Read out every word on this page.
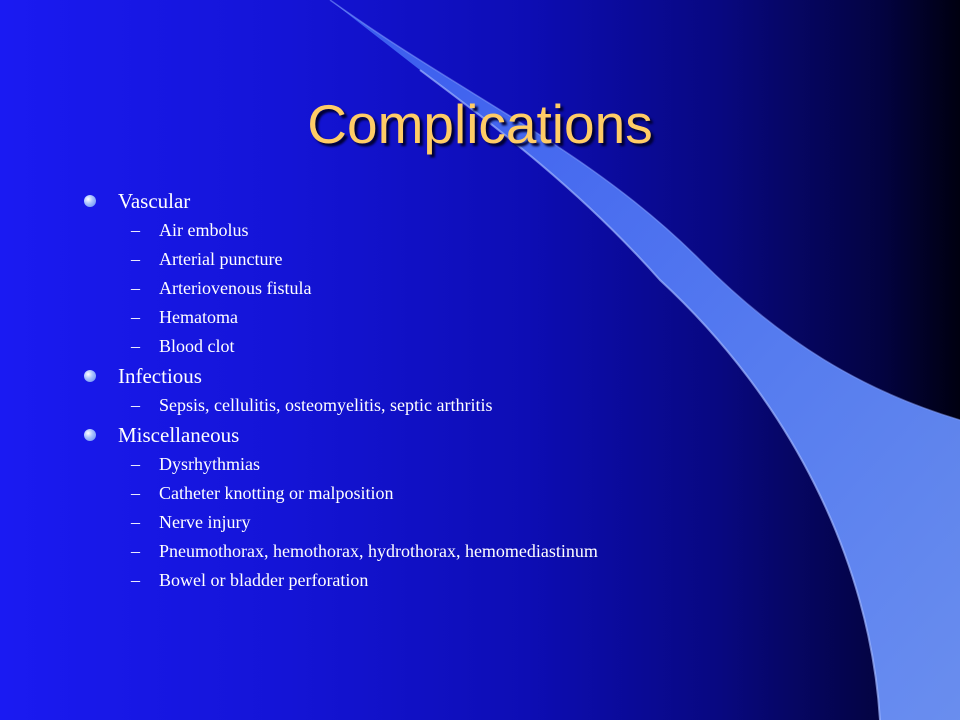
Complications
Vascular
– Air embolus
– Arterial puncture
– Arteriovenous fistula
– Hematoma
– Blood clot
Infectious
– Sepsis, cellulitis, osteomyelitis, septic arthritis
Miscellaneous
– Dysrhythmias
– Catheter knotting or malposition
– Nerve injury
– Pneumothorax, hemothorax, hydrothorax, hemomediastinum
– Bowel or bladder perforation
